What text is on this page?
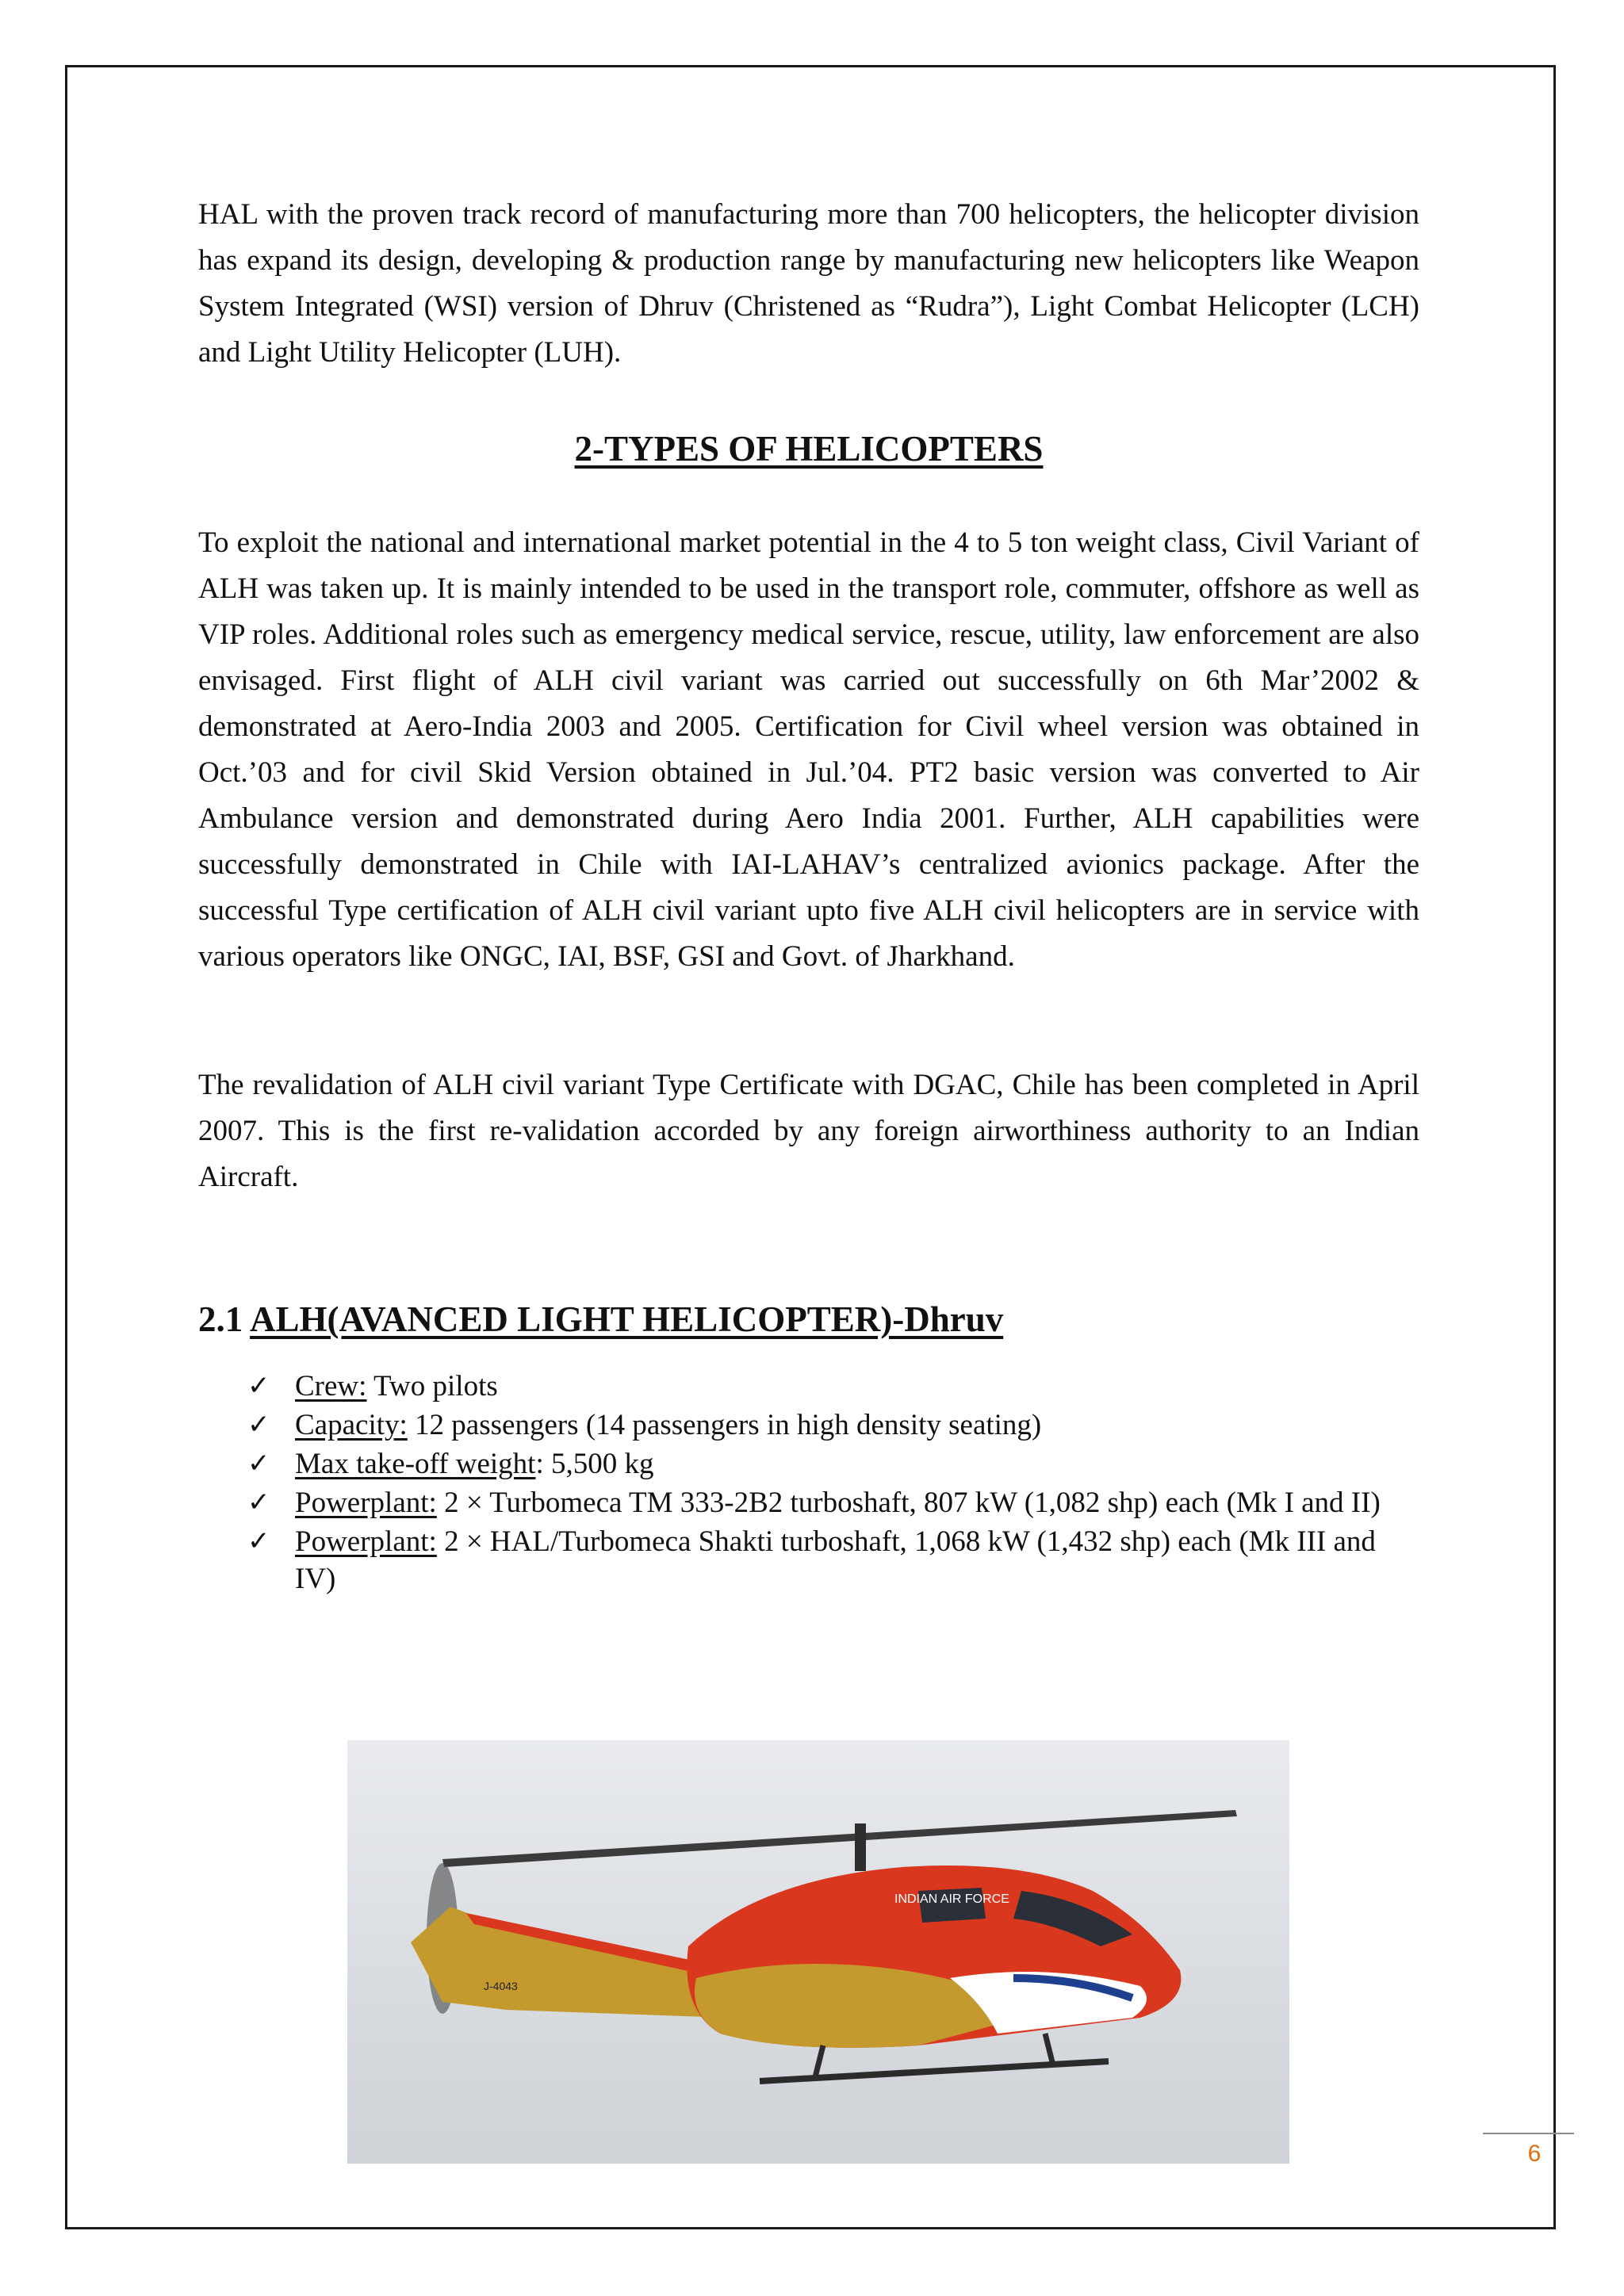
HAL with the proven track record of manufacturing more than 700 helicopters, the helicopter division has expand its design, developing & production range by manufacturing new helicopters like Weapon System Integrated (WSI) version of Dhruv (Christened as “Rudra”), Light Combat Helicopter (LCH) and Light Utility Helicopter (LUH).

2-TYPES OF HELICOPTERS

To exploit the national and international market potential in the 4 to 5 ton weight class, Civil Variant of ALH was taken up. It is mainly intended to be used in the transport role, commuter, offshore as well as VIP roles. Additional roles such as emergency medical service, rescue, utility, law enforcement are also envisaged. First flight of ALH civil variant was carried out successfully on 6th Mar’2002 & demonstrated at Aero-India 2003 and 2005. Certification for Civil wheel version was obtained in Oct.’03 and for civil Skid Version obtained in Jul.’04. PT2 basic version was converted to Air Ambulance version and demonstrated during Aero India 2001. Further, ALH capabilities were successfully demonstrated in Chile with IAI-LAHAV’s centralized avionics package. After the successful Type certification of ALH civil variant upto five ALH civil helicopters are in service with various operators like ONGC, IAI, BSF, GSI and Govt. of Jharkhand.

The revalidation of ALH civil variant Type Certificate with DGAC, Chile has been completed in April 2007. This is the first re-validation accorded by any foreign airworthiness authority to an Indian Aircraft.

2.1 ALH(AVANCED LIGHT HELICOPTER)-Dhruv
✓ Crew: Two pilots
✓ Capacity: 12 passengers (14 passengers in high density seating)
✓ Max take-off weight: 5,500 kg
✓ Powerplant: 2 × Turbomeca TM 333-2B2 turboshaft, 807 kW (1,082 shp) each (Mk I and II)
✓ Powerplant: 2 × HAL/Turbomeca Shakti turboshaft, 1,068 kW (1,432 shp) each (Mk III and IV)
INDIAN AIR FORCE
J-4043
6
